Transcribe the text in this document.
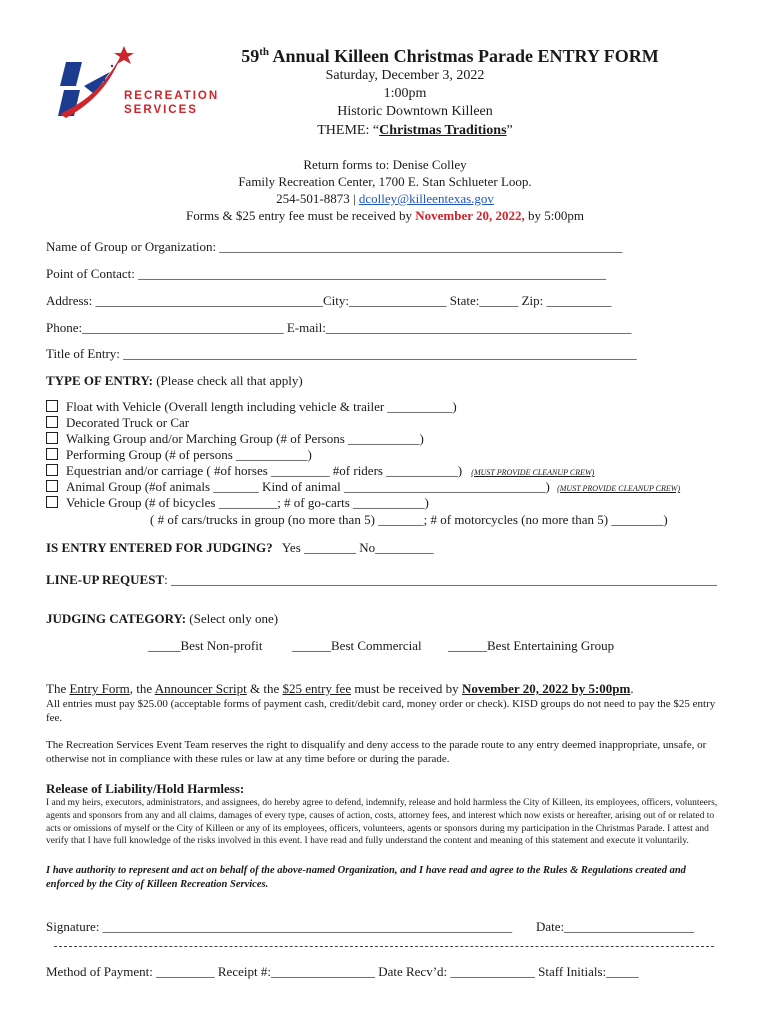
RECREATION
SERVICES
59th Annual Killeen Christmas Parade ENTRY FORM
Saturday, December 3, 2022
1:00pm
Historic Downtown Killeen
THEME: “Christmas Traditions”
Return forms to: Denise Colley
Family Recreation Center, 1700 E. Stan Schlueter Loop.
254-501-8873 | dcolley@killeentexas.gov
Forms & $25 entry fee must be received by November 20, 2022, by 5:00pm
Name of Group or Organization: ______________________________________________________________
Point of Contact: ________________________________________________________________________
Address: ___________________________________City:_______________ State:______ Zip: __________
Phone:_______________________________ E-mail:_______________________________________________
Title of Entry: _______________________________________________________________________________
TYPE OF ENTRY: (Please check all that apply)
Float with Vehicle (Overall length including vehicle & trailer __________)
Decorated Truck or Car
Walking Group and/or Marching Group (# of Persons ___________)
Performing Group (# of persons ___________)
Equestrian and/or carriage ( #of horses _________ #of riders ___________) (MUST PROVIDE CLEANUP CREW)
Animal Group (#of animals _______ Kind of animal _______________________________) (MUST PROVIDE CLEANUP CREW)
Vehicle Group (# of bicycles _________; # of go-carts ___________)
( # of cars/trucks in group (no more than 5) _______; # of motorcycles (no more than 5) ________)
IS ENTRY ENTERED FOR JUDGING? Yes ________ No_________
LINE-UP REQUEST: ____________________________________________________________________________________
JUDGING CATEGORY: (Select only one)
_____Best Non-profit ______Best Commercial ______Best Entertaining Group
The Entry Form, the Announcer Script & the $25 entry fee must be received by November 20, 2022 by 5:00pm.
All entries must pay $25.00 (acceptable forms of payment cash, credit/debit card, money order or check). KISD groups do not need to pay the $25 entry fee.
The Recreation Services Event Team reserves the right to disqualify and deny access to the parade route to any entry deemed inappropriate, unsafe, or otherwise not in compliance with these rules or law at any time before or during the parade.
Release of Liability/Hold Harmless:
I and my heirs, executors, administrators, and assignees, do hereby agree to defend, indemnify, release and hold harmless the City of Killeen, its employees, officers, volunteers, agents and sponsors from any and all claims, damages of every type, causes of action, costs, attorney fees, and interest which now exists or hereafter, arising out of or related to acts or omissions of myself or the City of Killeen or any of its employees, officers, volunteers, agents or sponsors during my participation in the Christmas Parade. I attest and verify that I have full knowledge of the risks involved in this event. I have read and fully understand the content and meaning of this statement and execute it voluntarily.
I have authority to represent and act on behalf of the above-named Organization, and I have read and agree to the Rules & Regulations created and enforced by the City of Killeen Recreation Services.
Signature: _______________________________________________________________ Date:____________________
Method of Payment: _________ Receipt #:________________ Date Recv’d: _____________ Staff Initials:_____
